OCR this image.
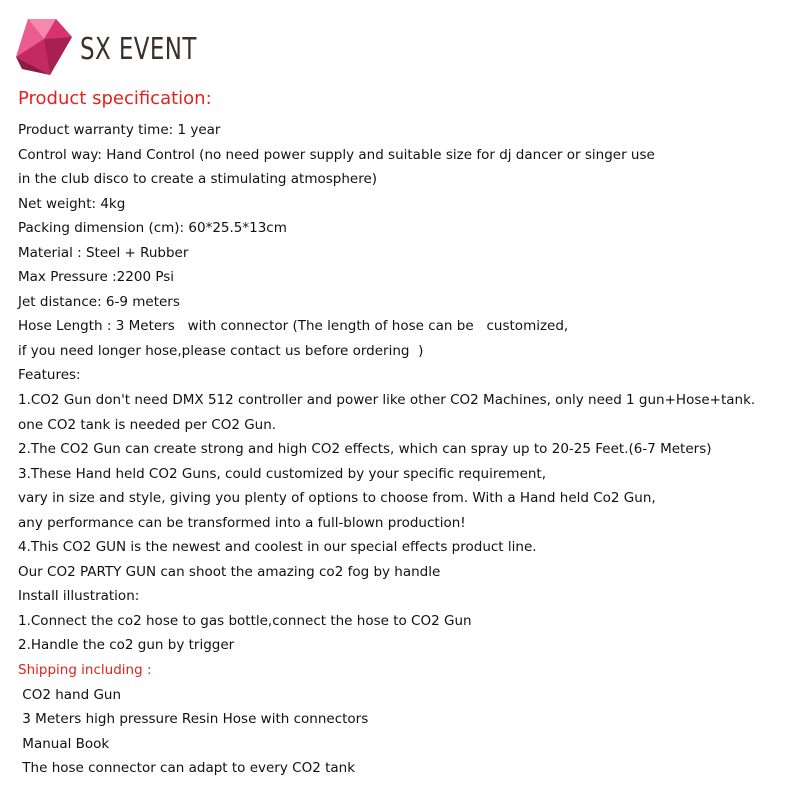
SX EVENT
Product specification:
Product warranty time: 1 year
Control way: Hand Control (no need power supply and suitable size for dj dancer or singer use
in the club disco to create a stimulating atmosphere)
Net weight: 4kg
Packing dimension (cm): 60*25.5*13cm
Material : Steel + Rubber
Max Pressure :2200 Psi
Jet distance: 6-9 meters
Hose Length : 3 Meters   with connector (The length of hose can be   customized,
if you need longer hose,please contact us before ordering  )
Features:
1.CO2 Gun don't need DMX 512 controller and power like other CO2 Machines, only need 1 gun+Hose+tank.
one CO2 tank is needed per CO2 Gun.
2.The CO2 Gun can create strong and high CO2 effects, which can spray up to 20-25 Feet.(6-7 Meters)
3.These Hand held CO2 Guns, could customized by your specific requirement,
vary in size and style, giving you plenty of options to choose from. With a Hand held Co2 Gun,
any performance can be transformed into a full-blown production!
4.This CO2 GUN is the newest and coolest in our special effects product line.
Our CO2 PARTY GUN can shoot the amazing co2 fog by handle
Install illustration:
1.Connect the co2 hose to gas bottle,connect the hose to CO2 Gun
2.Handle the co2 gun by trigger
Shipping including :
CO2 hand Gun
3 Meters high pressure Resin Hose with connectors
Manual Book
The hose connector can adapt to every CO2 tank
